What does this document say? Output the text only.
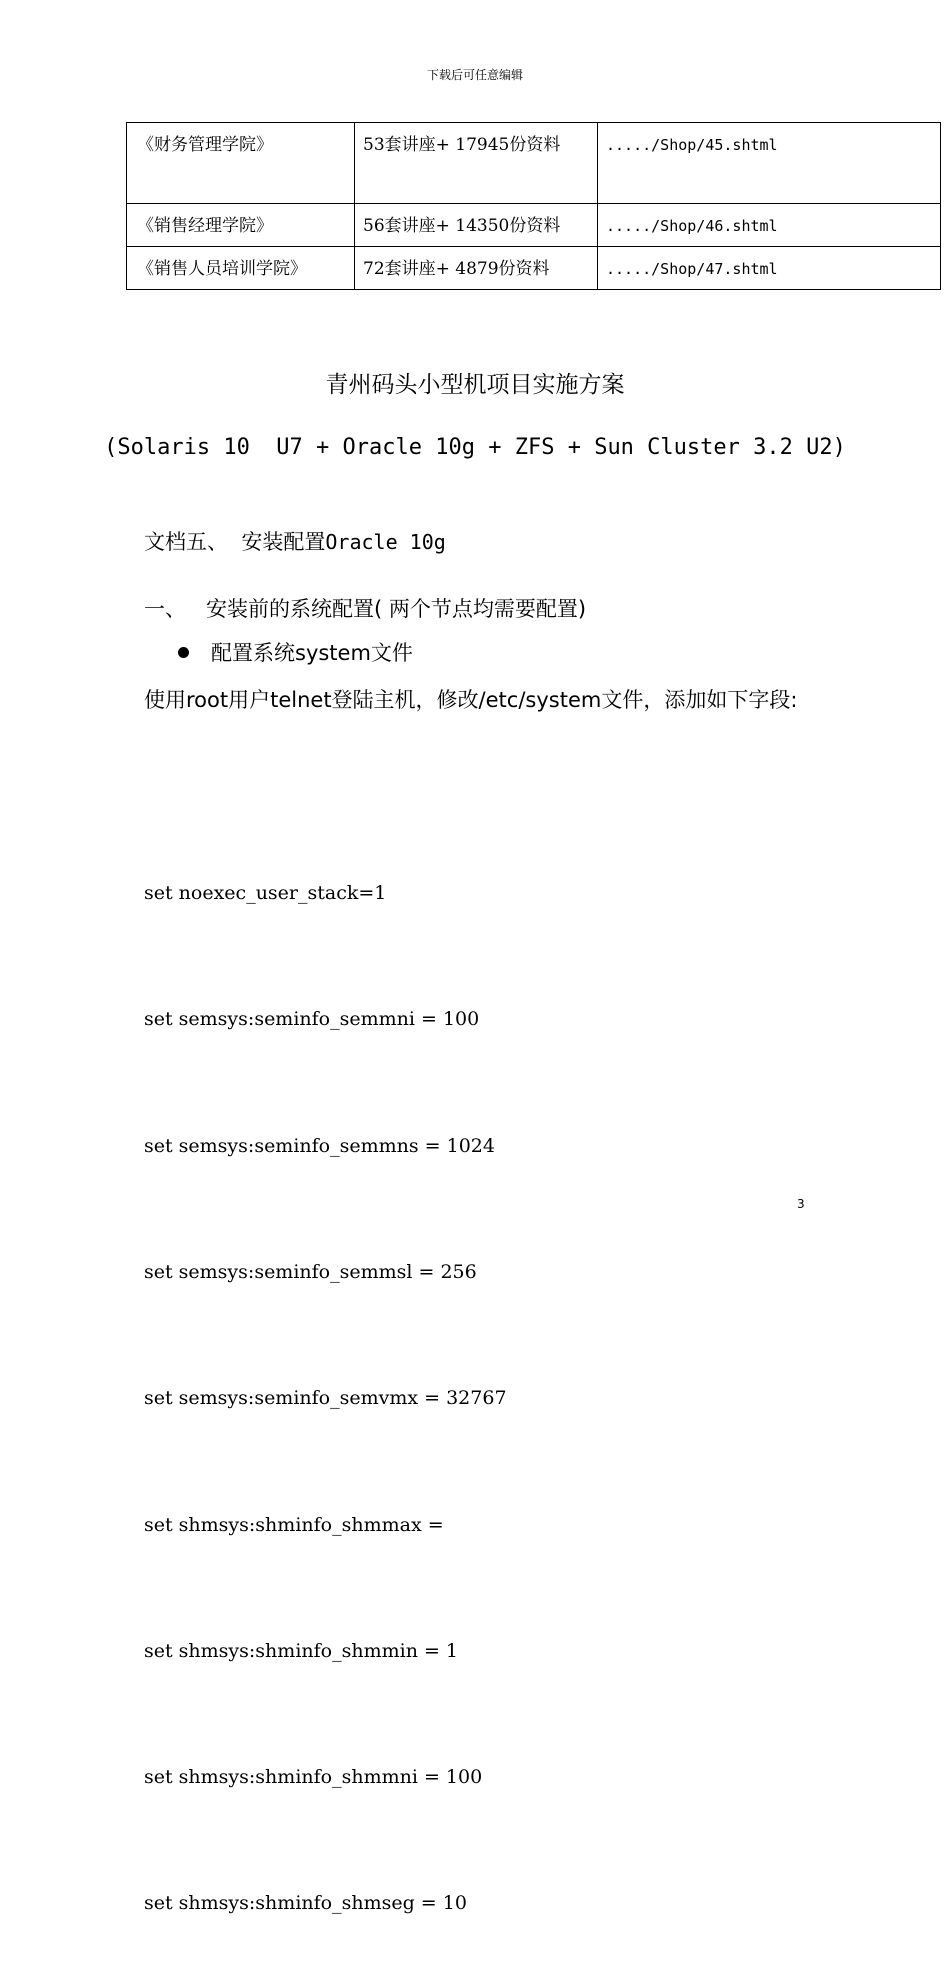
下载后可任意编辑
《财务管理学院》	53套讲座+ 17945份资料	...../Shop/45.shtml
《销售经理学院》	56套讲座+ 14350份资料	...../Shop/46.shtml
《销售人员培训学院》	72套讲座+ 4879份资料	...../Shop/47.shtml
青州码头小型机项目实施方案
(Solaris 10  U7 + Oracle 10g + ZFS + Sun Cluster 3.2 U2)
文档五、  安装配置Oracle 10g
一、   安装前的系统配置( 两个节点均需要配置)
配置系统system文件
使用root用户telnet登陆主机，修改/etc/system文件，添加如下字段:

set noexec_user_stack=1

set semsys:seminfo_semmni = 100

set semsys:seminfo_semmns = 1024

set semsys:seminfo_semmsl = 256

set semsys:seminfo_semvmx = 32767

set shmsys:shminfo_shmmax =

set shmsys:shminfo_shmmin = 1

set shmsys:shminfo_shmmni = 100

set shmsys:shminfo_shmseg = 10

3
